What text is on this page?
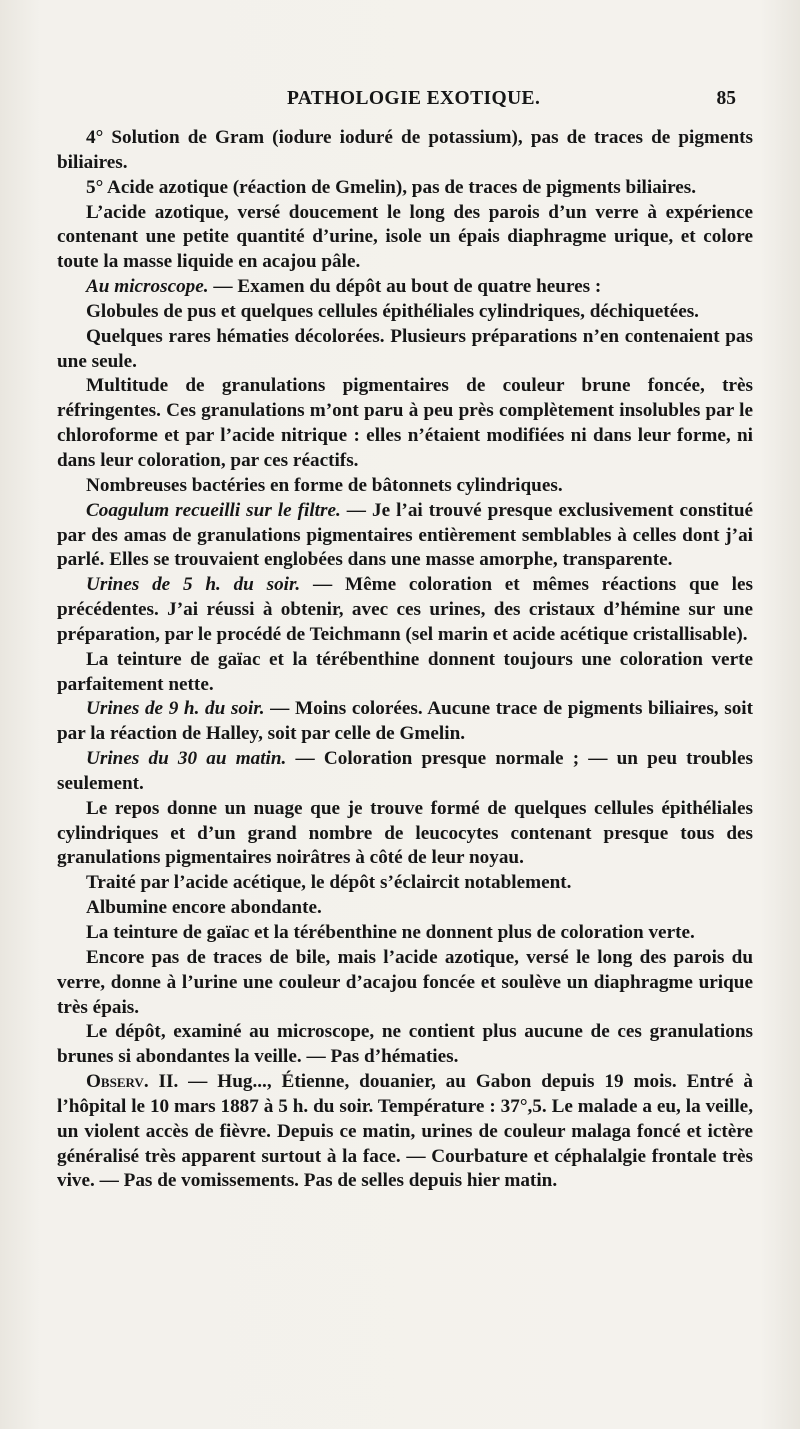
PATHOLOGIE EXOTIQUE.	85

4° Solution de Gram (iodure ioduré de potassium), pas de traces de pigments biliaires.

5° Acide azotique (réaction de Gmelin), pas de traces de pigments biliaires.

L’acide azotique, versé doucement le long des parois d’un verre à expérience contenant une petite quantité d’urine, isole un épais diaphragme urique, et colore toute la masse liquide en acajou pâle.

Au microscope. — Examen du dépôt au bout de quatre heures :

Globules de pus et quelques cellules épithéliales cylindriques, déchiquetées.

Quelques rares hématies décolorées. Plusieurs préparations n’en contenaient pas une seule.

Multitude de granulations pigmentaires de couleur brune foncée, très réfringentes. Ces granulations m’ont paru à peu près complètement insolubles par le chloroforme et par l’acide nitrique : elles n’étaient modifiées ni dans leur forme, ni dans leur coloration, par ces réactifs.

Nombreuses bactéries en forme de bâtonnets cylindriques.

Coagulum recueilli sur le filtre. — Je l’ai trouvé presque exclusivement constitué par des amas de granulations pigmentaires entièrement semblables à celles dont j’ai parlé. Elles se trouvaient englobées dans une masse amorphe, transparente.

Urines de 5 h. du soir. — Même coloration et mêmes réactions que les précédentes. J’ai réussi à obtenir, avec ces urines, des cristaux d’hémine sur une préparation, par le procédé de Teichmann (sel marin et acide acétique cristallisable).

La teinture de gaïac et la térébenthine donnent toujours une coloration verte parfaitement nette.

Urines de 9 h. du soir. — Moins colorées. Aucune trace de pigments biliaires, soit par la réaction de Halley, soit par celle de Gmelin.

Urines du 30 au matin. — Coloration presque normale ; — un peu troubles seulement.

Le repos donne un nuage que je trouve formé de quelques cellules épithéliales cylindriques et d’un grand nombre de leucocytes contenant presque tous des granulations pigmentaires noirâtres à côté de leur noyau.

Traité par l’acide acétique, le dépôt s’éclaircit notablement.

Albumine encore abondante.

La teinture de gaïac et la térébenthine ne donnent plus de coloration verte.

Encore pas de traces de bile, mais l’acide azotique, versé le long des parois du verre, donne à l’urine une couleur d’acajou foncée et soulève un diaphragme urique très épais.

Le dépôt, examiné au microscope, ne contient plus aucune de ces granulations brunes si abondantes la veille. — Pas d’hématies.

Observ. II. — Hug..., Étienne, douanier, au Gabon depuis 19 mois. Entré à l’hôpital le 10 mars 1887 à 5 h. du soir. Température : 37°,5. Le malade a eu, la veille, un violent accès de fièvre. Depuis ce matin, urines de couleur malaga foncé et ictère généralisé très apparent surtout à la face. — Courbature et céphalalgie frontale très vive. — Pas de vomissements. Pas de selles depuis hier matin.
